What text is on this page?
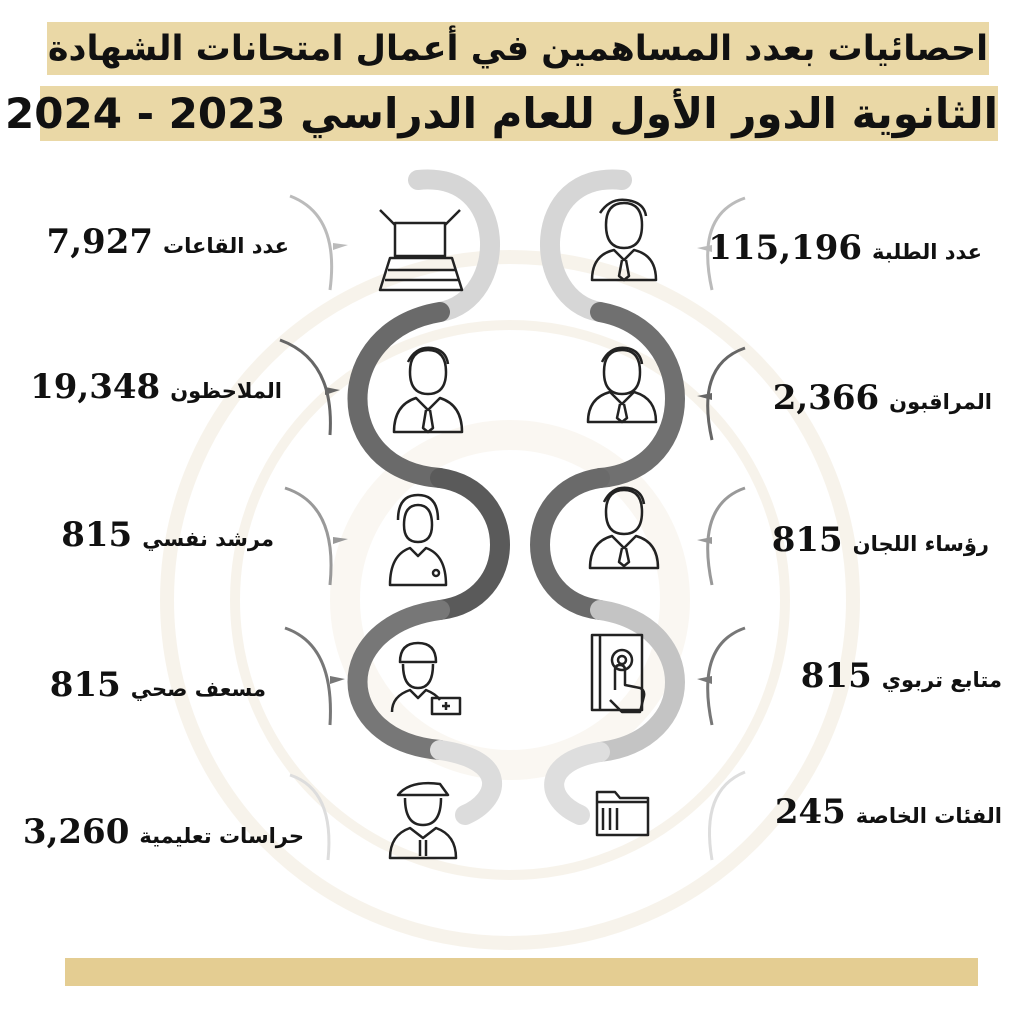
احصائيات بعدد المساهمين في أعمال امتحانات الشهادة
الثانوية الدور الأول للعام الدراسي 2023 - 2024
عدد القاعات
7,927
الملاحظون
19,348
مرشد نفسي
815
مسعف صحي
815
حراسات تعليمية
3,260
عدد الطلبة
115,196
المراقبون
2,366
رؤساء اللجان
815
متابع تربوي
815
الفئات الخاصة
245
